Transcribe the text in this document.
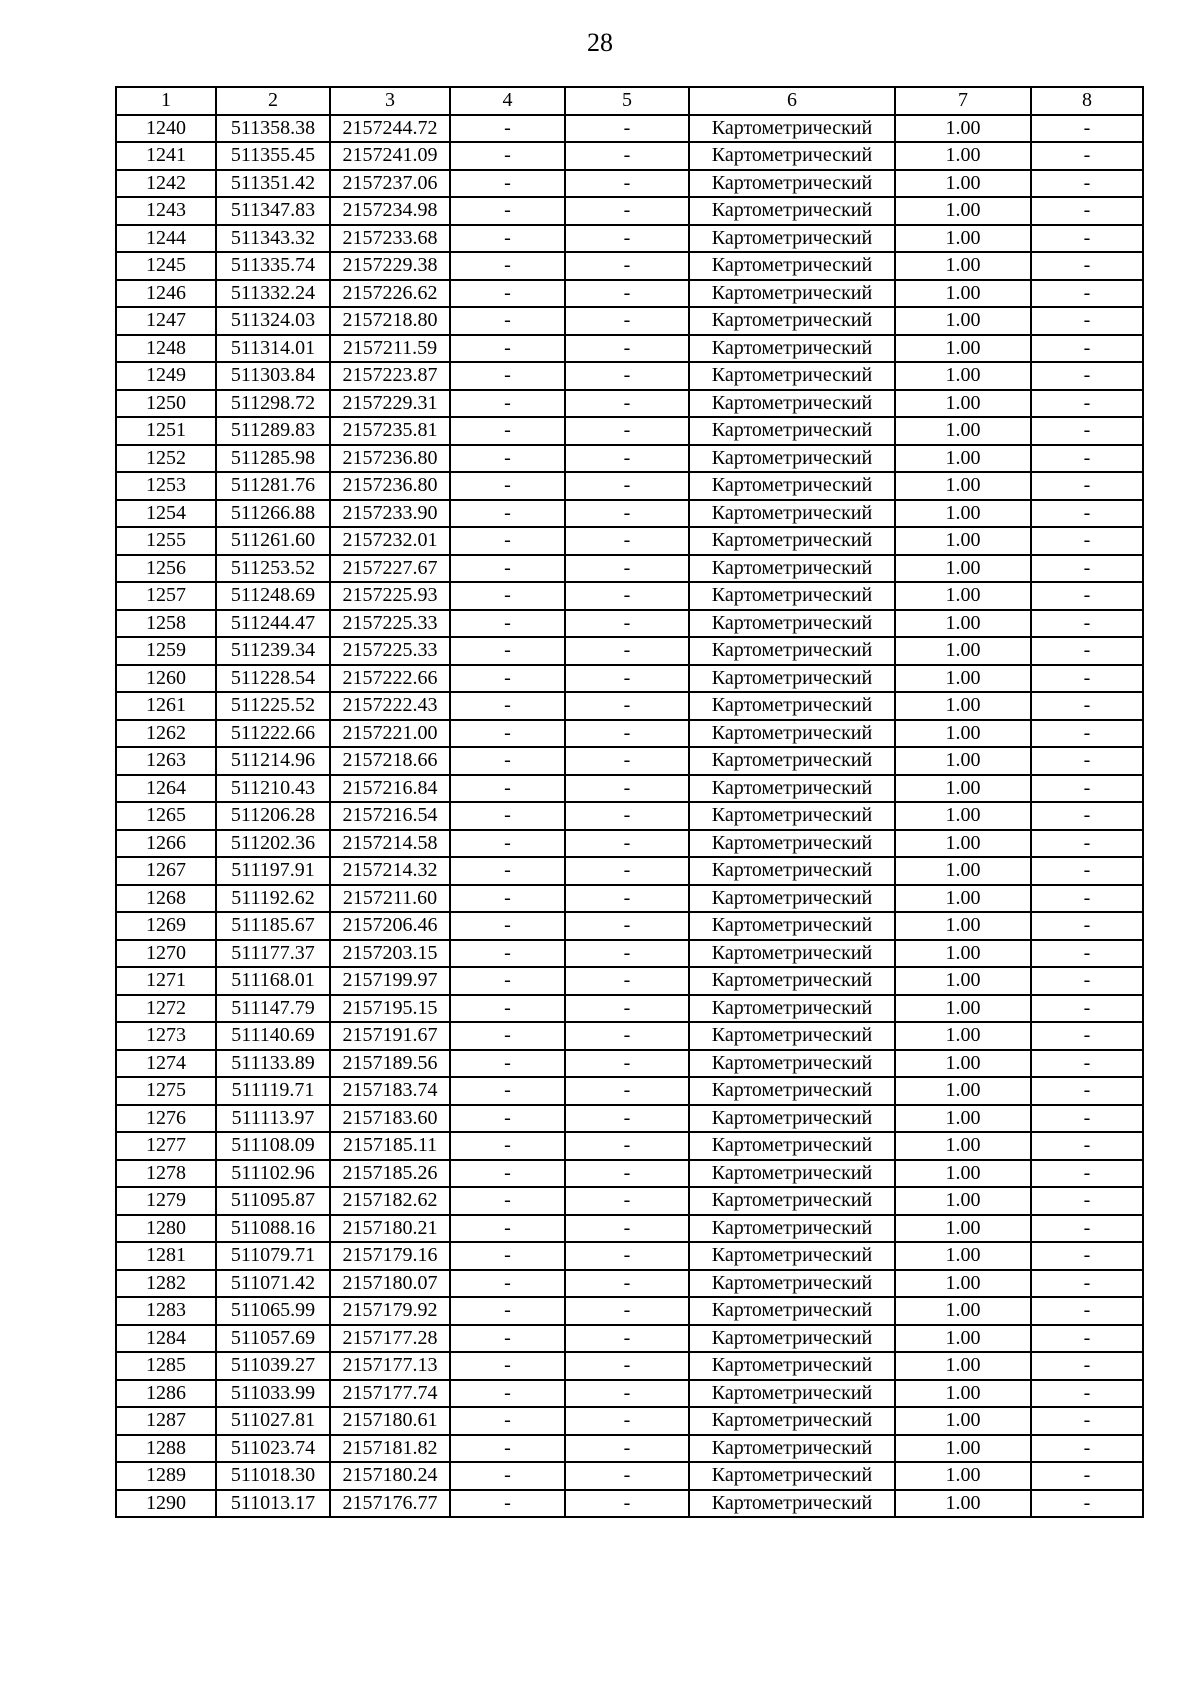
28
1	2	3	4	5	6	7	8
1240	511358.38	2157244.72	-	-	Картометрический	1.00	-
1241	511355.45	2157241.09	-	-	Картометрический	1.00	-
1242	511351.42	2157237.06	-	-	Картометрический	1.00	-
1243	511347.83	2157234.98	-	-	Картометрический	1.00	-
1244	511343.32	2157233.68	-	-	Картометрический	1.00	-
1245	511335.74	2157229.38	-	-	Картометрический	1.00	-
1246	511332.24	2157226.62	-	-	Картометрический	1.00	-
1247	511324.03	2157218.80	-	-	Картометрический	1.00	-
1248	511314.01	2157211.59	-	-	Картометрический	1.00	-
1249	511303.84	2157223.87	-	-	Картометрический	1.00	-
1250	511298.72	2157229.31	-	-	Картометрический	1.00	-
1251	511289.83	2157235.81	-	-	Картометрический	1.00	-
1252	511285.98	2157236.80	-	-	Картометрический	1.00	-
1253	511281.76	2157236.80	-	-	Картометрический	1.00	-
1254	511266.88	2157233.90	-	-	Картометрический	1.00	-
1255	511261.60	2157232.01	-	-	Картометрический	1.00	-
1256	511253.52	2157227.67	-	-	Картометрический	1.00	-
1257	511248.69	2157225.93	-	-	Картометрический	1.00	-
1258	511244.47	2157225.33	-	-	Картометрический	1.00	-
1259	511239.34	2157225.33	-	-	Картометрический	1.00	-
1260	511228.54	2157222.66	-	-	Картометрический	1.00	-
1261	511225.52	2157222.43	-	-	Картометрический	1.00	-
1262	511222.66	2157221.00	-	-	Картометрический	1.00	-
1263	511214.96	2157218.66	-	-	Картометрический	1.00	-
1264	511210.43	2157216.84	-	-	Картометрический	1.00	-
1265	511206.28	2157216.54	-	-	Картометрический	1.00	-
1266	511202.36	2157214.58	-	-	Картометрический	1.00	-
1267	511197.91	2157214.32	-	-	Картометрический	1.00	-
1268	511192.62	2157211.60	-	-	Картометрический	1.00	-
1269	511185.67	2157206.46	-	-	Картометрический	1.00	-
1270	511177.37	2157203.15	-	-	Картометрический	1.00	-
1271	511168.01	2157199.97	-	-	Картометрический	1.00	-
1272	511147.79	2157195.15	-	-	Картометрический	1.00	-
1273	511140.69	2157191.67	-	-	Картометрический	1.00	-
1274	511133.89	2157189.56	-	-	Картометрический	1.00	-
1275	511119.71	2157183.74	-	-	Картометрический	1.00	-
1276	511113.97	2157183.60	-	-	Картометрический	1.00	-
1277	511108.09	2157185.11	-	-	Картометрический	1.00	-
1278	511102.96	2157185.26	-	-	Картометрический	1.00	-
1279	511095.87	2157182.62	-	-	Картометрический	1.00	-
1280	511088.16	2157180.21	-	-	Картометрический	1.00	-
1281	511079.71	2157179.16	-	-	Картометрический	1.00	-
1282	511071.42	2157180.07	-	-	Картометрический	1.00	-
1283	511065.99	2157179.92	-	-	Картометрический	1.00	-
1284	511057.69	2157177.28	-	-	Картометрический	1.00	-
1285	511039.27	2157177.13	-	-	Картометрический	1.00	-
1286	511033.99	2157177.74	-	-	Картометрический	1.00	-
1287	511027.81	2157180.61	-	-	Картометрический	1.00	-
1288	511023.74	2157181.82	-	-	Картометрический	1.00	-
1289	511018.30	2157180.24	-	-	Картометрический	1.00	-
1290	511013.17	2157176.77	-	-	Картометрический	1.00	-
